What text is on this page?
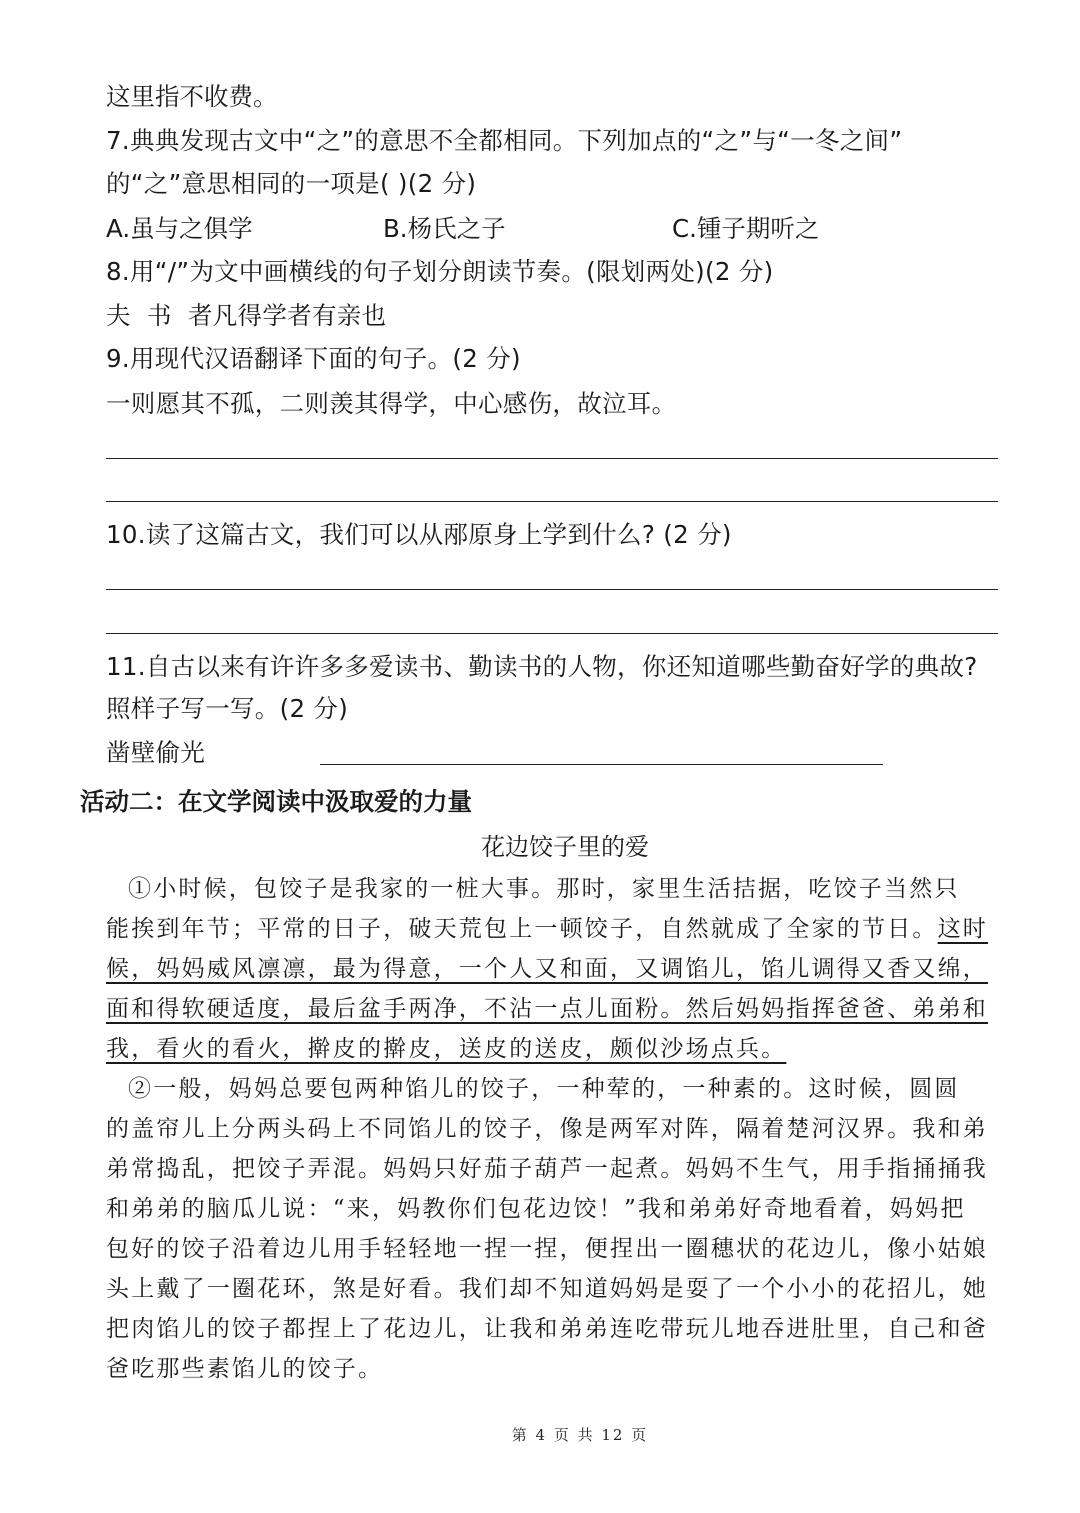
这里指不收费。
7.典典发现古文中“之”的意思不全都相同。下列加点的“之”与“一冬之间”
的“之”意思相同的一项是( )(2 分)
A.虽与之俱学	B.杨氏之子	C.锺子期听之
8.用“/”为文中画横线的句子划分朗读节奏。(限划两处)(2 分)
夫  书  者凡得学者有亲也
9.用现代汉语翻译下面的句子。(2 分)
一则愿其不孤，二则羡其得学，中心感伤，故泣耳。
10.读了这篇古文，我们可以从邴原身上学到什么? (2 分)
11.自古以来有许许多多爱读书、勤读书的人物，你还知道哪些勤奋好学的典故?
照样子写一写。(2 分)
凿壁偷光
活动二：在文学阅读中汲取爱的力量
花边饺子里的爱
①小时候，包饺子是我家的一桩大事。那时，家里生活拮据，吃饺子当然只
能挨到年节；平常的日子，破天荒包上一顿饺子，自然就成了全家的节日。这时
候，妈妈威风凛凛，最为得意，一个人又和面，又调馅儿，馅儿调得又香又绵，
面和得软硬适度，最后盆手两净，不沾一点儿面粉。然后妈妈指挥爸爸、弟弟和
我，看火的看火，擀皮的擀皮，送皮的送皮，颇似沙场点兵。
②一般，妈妈总要包两种馅儿的饺子，一种荤的，一种素的。这时候，圆圆
的盖帘儿上分两头码上不同馅儿的饺子，像是两军对阵，隔着楚河汉界。我和弟
弟常捣乱，把饺子弄混。妈妈只好茄子葫芦一起煮。妈妈不生气，用手指捅捅我
和弟弟的脑瓜儿说：“来，妈教你们包花边饺！”我和弟弟好奇地看着，妈妈把
包好的饺子沿着边儿用手轻轻地一捏一捏，便捏出一圈穗状的花边儿，像小姑娘
头上戴了一圈花环，煞是好看。我们却不知道妈妈是耍了一个小小的花招儿，她
把肉馅儿的饺子都捏上了花边儿，让我和弟弟连吃带玩儿地吞进肚里，自己和爸
爸吃那些素馅儿的饺子。
第 4 页 共 12 页
